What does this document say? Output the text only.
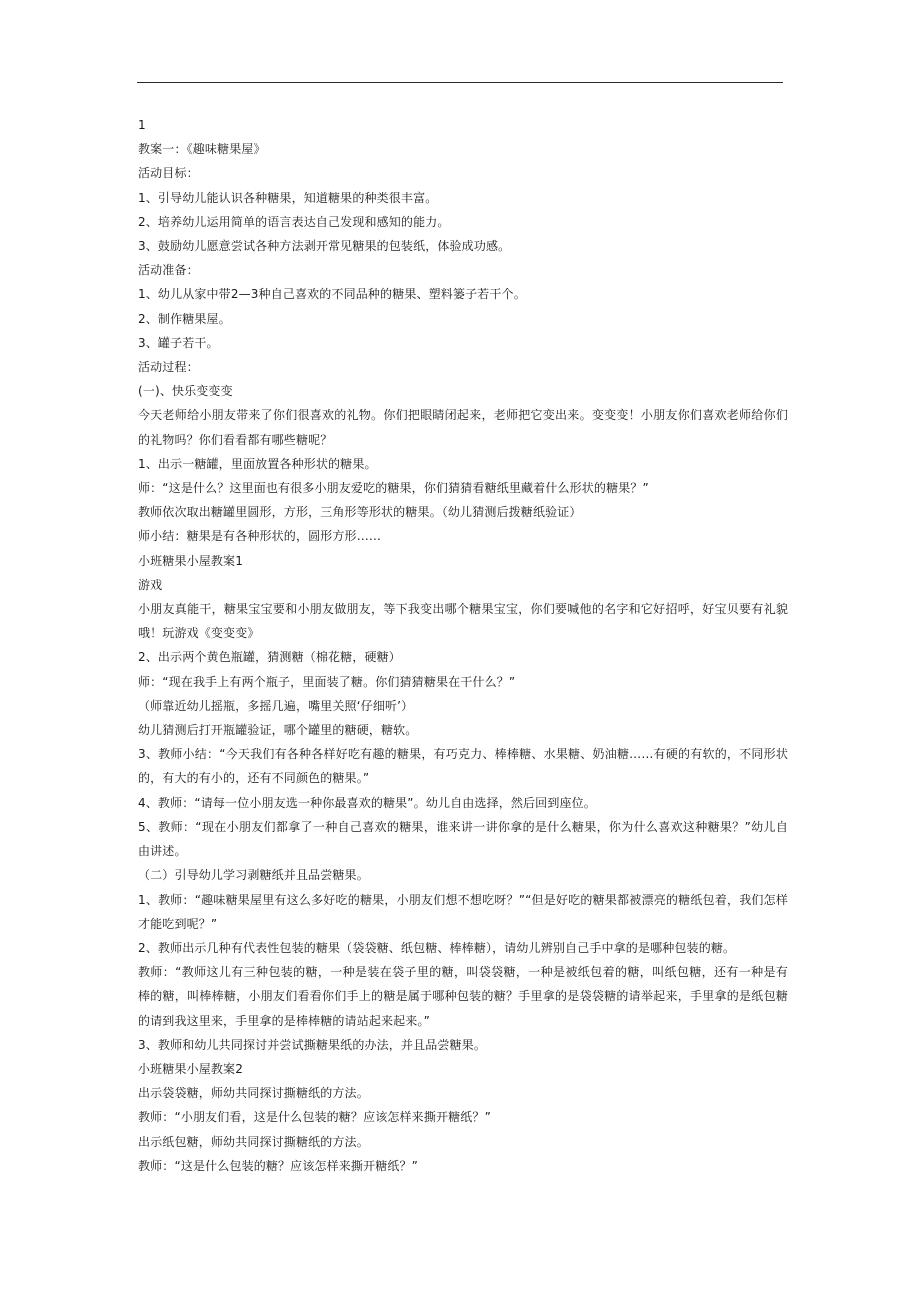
1

教案一：《趣味糖果屋》

活动目标：

1、引导幼儿能认识各种糖果，知道糖果的种类很丰富。

2、培养幼儿运用简单的语言表达自己发现和感知的能力。

3、鼓励幼儿愿意尝试各种方法剥开常见糖果的包装纸，体验成功感。

活动准备：

1、幼儿从家中带2—3种自己喜欢的不同品种的糖果、塑料篓子若干个。

2、制作糖果屋。

3、罐子若干。

活动过程：

(一)、快乐变变变

今天老师给小朋友带来了你们很喜欢的礼物。你们把眼睛闭起来，老师把它变出来。变变变！小朋友你们喜欢老师给你们的礼物吗？你们看看都有哪些糖呢？

1、出示一糖罐，里面放置各种形状的糖果。

师：“这是什么？这里面也有很多小朋友爱吃的糖果，你们猜猜看糖纸里藏着什么形状的糖果？”

教师依次取出糖罐里圆形，方形，三角形等形状的糖果。（幼儿猜测后拨糖纸验证）

师小结：糖果是有各种形状的，圆形方形……

小班糖果小屋教案1

游戏

小朋友真能干，糖果宝宝要和小朋友做朋友，等下我变出哪个糖果宝宝，你们要喊他的名字和它好招呼，好宝贝要有礼貌哦！玩游戏《变变变》

2、出示两个黄色瓶罐，猜测糖（棉花糖，硬糖）

师：“现在我手上有两个瓶子，里面装了糖。你们猜猜糖果在干什么？”

（师靠近幼儿摇瓶，多摇几遍，嘴里关照‘仔细听’）

幼儿猜测后打开瓶罐验证，哪个罐里的糖硬，糖软。

3、教师小结：“今天我们有各种各样好吃有趣的糖果，有巧克力、棒棒糖、水果糖、奶油糖……有硬的有软的，不同形状的，有大的有小的，还有不同颜色的糖果。”

4、教师：“请每一位小朋友选一种你最喜欢的糖果”。幼儿自由选择，然后回到座位。

5、教师：“现在小朋友们都拿了一种自己喜欢的糖果，谁来讲一讲你拿的是什么糖果，你为什么喜欢这种糖果？”幼儿自由讲述。

（二）引导幼儿学习剥糖纸并且品尝糖果。

1、教师：“趣味糖果屋里有这么多好吃的糖果，小朋友们想不想吃呀？”“但是好吃的糖果都被漂亮的糖纸包着，我们怎样才能吃到呢？”

2、教师出示几种有代表性包装的糖果（袋袋糖、纸包糖、棒棒糖），请幼儿辨别自己手中拿的是哪种包装的糖。

教师：“教师这儿有三种包装的糖，一种是装在袋子里的糖，叫袋袋糖，一种是被纸包着的糖，叫纸包糖，还有一种是有棒的糖，叫棒棒糖，小朋友们看看你们手上的糖是属于哪种包装的糖？手里拿的是袋袋糖的请举起来，手里拿的是纸包糖的请到我这里来，手里拿的是棒棒糖的请站起来起来。”

3、教师和幼儿共同探讨并尝试撕糖果纸的办法，并且品尝糖果。

小班糖果小屋教案2

出示袋袋糖，师幼共同探讨撕糖纸的方法。

教师：“小朋友们看，这是什么包装的糖？应该怎样来撕开糖纸？”

出示纸包糖，师幼共同探讨撕糖纸的方法。

教师：“这是什么包装的糖？应该怎样来撕开糖纸？”
